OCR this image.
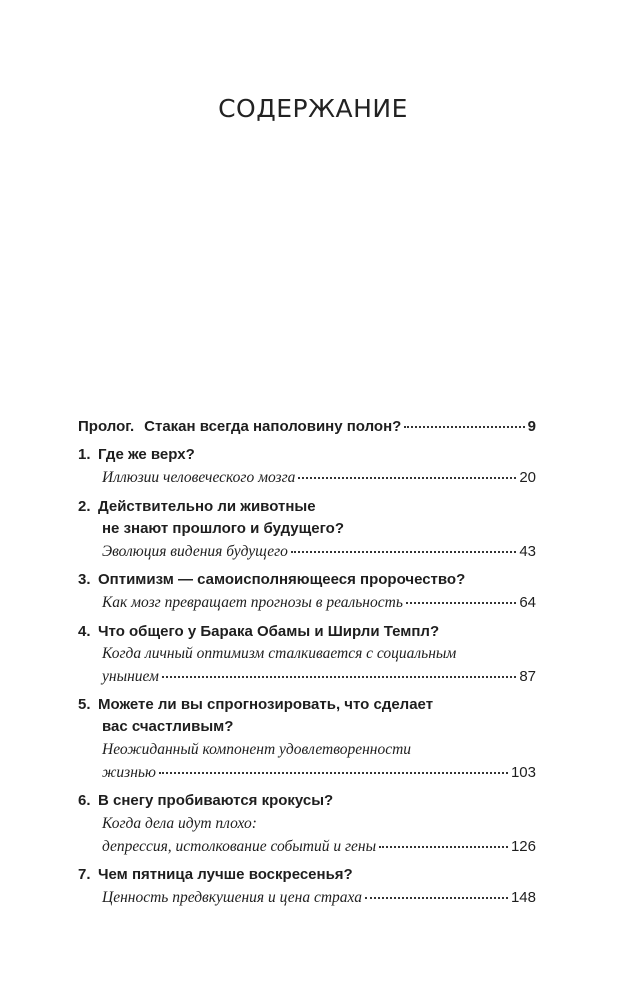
СОДЕРЖАНИЕ
Пролог. Стакан всегда наполовину полон?	9
1. Где же верх?
Иллюзии человеческого мозга	20
2. Действительно ли животные
не знают прошлого и будущего?
Эволюция видения будущего	43
3. Оптимизм — самоисполняющееся пророчество?
Как мозг превращает прогнозы в реальность	64
4. Что общего у Барака Обамы и Ширли Темпл?
Когда личный оптимизм сталкивается с социальным
унынием	87
5. Можете ли вы спрогнозировать, что сделает
вас счастливым?
Неожиданный компонент удовлетворенности
жизнью	103
6. В снегу пробиваются крокусы?
Когда дела идут плохо:
депрессия, истолкование событий и гены	126
7. Чем пятница лучше воскресенья?
Ценность предвкушения и цена страха	148
